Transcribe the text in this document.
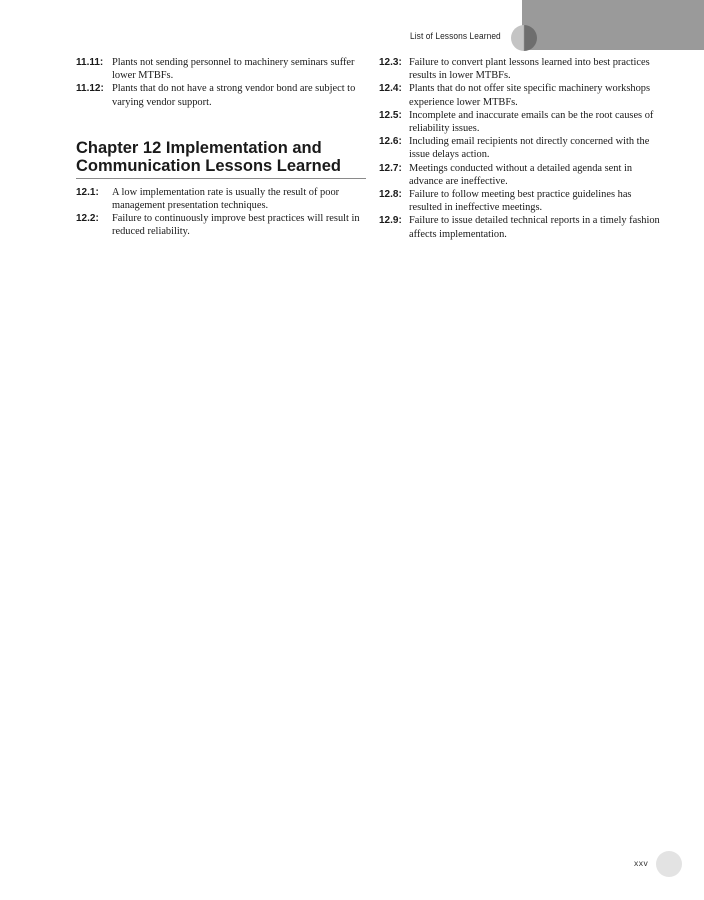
List of Lessons Learned
11.11: Plants not sending personnel to machinery seminars suffer lower MTBFs.
11.12: Plants that do not have a strong vendor bond are subject to varying vendor support.
Chapter 12 Implementation and Communication Lessons Learned
12.1:	A low implementation rate is usually the result of poor management presentation techniques.
12.2:	Failure to continuously improve best practices will result in reduced reliability.
12.3: Failure to convert plant lessons learned into best practices results in lower MTBFs.
12.4: Plants that do not offer site specific machinery workshops experience lower MTBFs.
12.5: Incomplete and inaccurate emails can be the root causes of reliability issues.
12.6: Including email recipients not directly concerned with the issue delays action.
12.7: Meetings conducted without a detailed agenda sent in advance are ineffective.
12.8: Failure to follow meeting best practice guidelines has resulted in ineffective meetings.
12.9: Failure to issue detailed technical reports in a timely fashion affects implementation.
xxv
